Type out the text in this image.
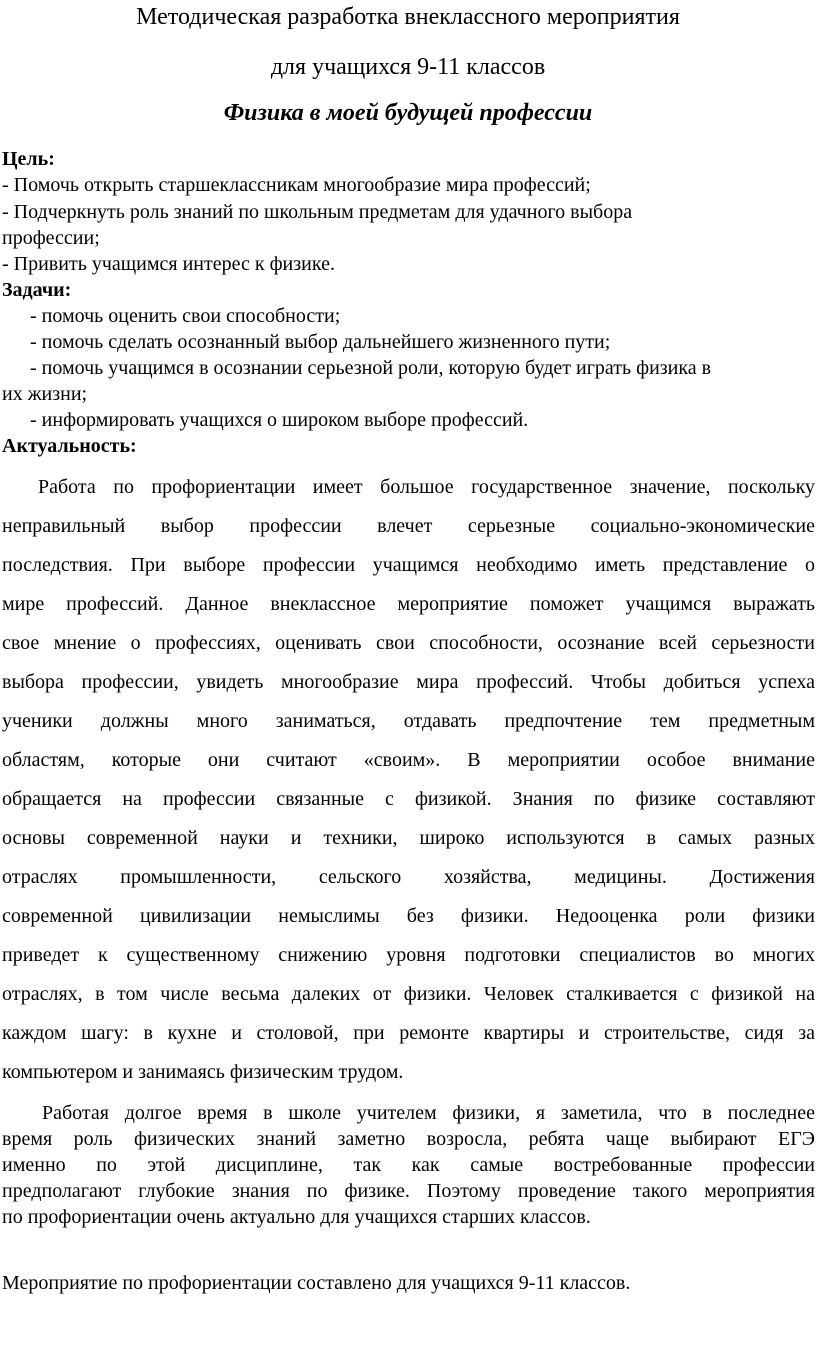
Методическая разработка внеклассного мероприятия
для учащихся 9-11 классов
Физика в моей будущей профессии
Цель:
- Помочь открыть старшеклассникам многообразие мира профессий;
- Подчеркнуть роль знаний по школьным предметам для удачного выбора
профессии;
- Привить учащимся интерес к физике.
Задачи:
- помочь оценить свои способности;
- помочь сделать осознанный выбор дальнейшего жизненного пути;
- помочь учащимся в осознании серьезной роли, которую будет играть физика в
их жизни;
- информировать учащихся о широком выборе профессий.
Актуальность:
Работа по профориентации имеет большое государственное значение, поскольку
неправильный выбор профессии влечет серьезные социально-экономические
последствия. При выборе профессии учащимся необходимо иметь представление о
мире профессий. Данное внеклассное мероприятие поможет учащимся выражать
свое мнение о профессиях, оценивать свои способности, осознание всей серьезности
выбора профессии, увидеть многообразие мира профессий. Чтобы добиться успеха
ученики должны много заниматься, отдавать предпочтение тем предметным
областям, которые они считают «своим». В мероприятии особое внимание
обращается на профессии связанные с физикой. Знания по физике составляют
основы современной науки и техники, широко используются в самых разных
отраслях промышленности, сельского хозяйства, медицины. Достижения
современной цивилизации немыслимы без физики. Недооценка роли физики
приведет к существенному снижению уровня подготовки специалистов во многих
отраслях, в том числе весьма далеких от физики. Человек сталкивается с физикой на
каждом шагу: в кухне и столовой, при ремонте квартиры и строительстве, сидя за
компьютером и занимаясь физическим трудом.
Работая долгое время в школе учителем физики, я заметила, что в последнее
время роль физических знаний заметно возросла, ребята чаще выбирают ЕГЭ
именно по этой дисциплине, так как самые востребованные профессии
предполагают глубокие знания по физике. Поэтому проведение такого мероприятия
по профориентации очень актуально для учащихся старших классов.
Мероприятие по профориентации составлено для учащихся 9-11 классов.
